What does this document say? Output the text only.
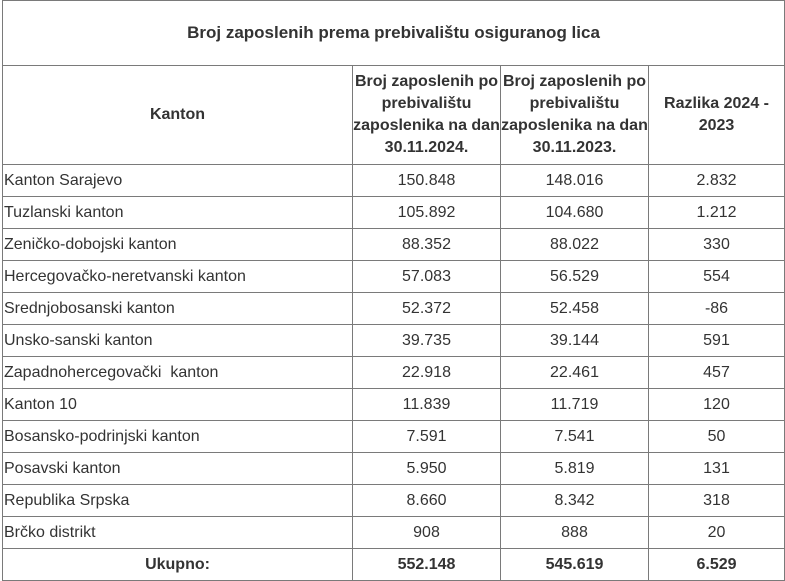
Broj zaposlenih prema prebivalištu osiguranog lica			
Kanton	Broj zaposlenih po prebivalištu zaposlenika na dan 30.11.2024.	Broj zaposlenih po prebivalištu zaposlenika na dan 30.11.2023.	Razlika 2024 - 2023
Kanton Sarajevo	150.848	148.016	2.832
Tuzlanski kanton	105.892	104.680	1.212
Zeničko-dobojski kanton	88.352	88.022	330
Hercegovačko-neretvanski kanton	57.083	56.529	554
Srednjobosanski kanton	52.372	52.458	-86
Unsko-sanski kanton	39.735	39.144	591
Zapadnohercegovački  kanton	22.918	22.461	457
Kanton 10	11.839	11.719	120
Bosansko-podrinjski kanton	7.591	7.541	50
Posavski kanton	5.950	5.819	131
Republika Srpska	8.660	8.342	318
Brčko distrikt	908	888	20
Ukupno:	552.148	545.619	6.529
